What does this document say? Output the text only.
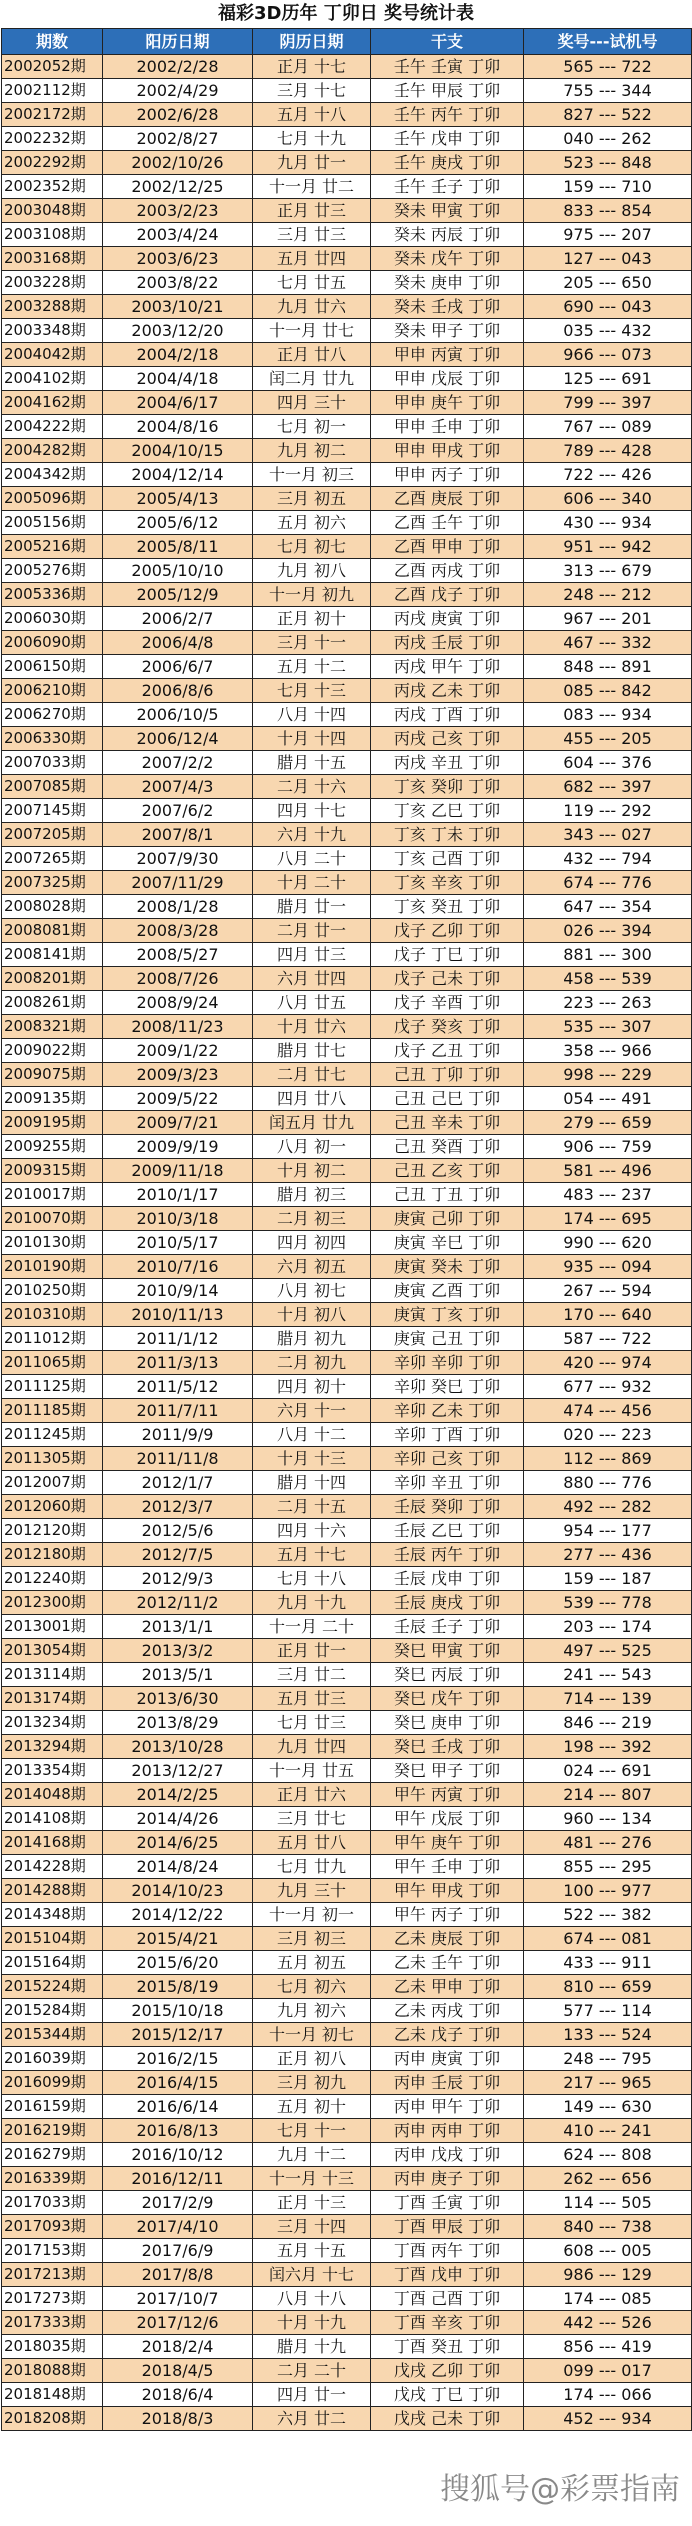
福彩3D历年 丁卯日 奖号统计表
期数	阳历日期	阴历日期	干支	奖号---试机号
2002052期	2002/2/28	正月 十七	壬午 壬寅 丁卯	565 --- 722
2002112期	2002/4/29	三月 十七	壬午 甲辰 丁卯	755 --- 344
2002172期	2002/6/28	五月 十八	壬午 丙午 丁卯	827 --- 522
2002232期	2002/8/27	七月 十九	壬午 戊申 丁卯	040 --- 262
2002292期	2002/10/26	九月 廿一	壬午 庚戌 丁卯	523 --- 848
2002352期	2002/12/25	十一月 廿二	壬午 壬子 丁卯	159 --- 710
2003048期	2003/2/23	正月 廿三	癸未 甲寅 丁卯	833 --- 854
2003108期	2003/4/24	三月 廿三	癸未 丙辰 丁卯	975 --- 207
2003168期	2003/6/23	五月 廿四	癸未 戊午 丁卯	127 --- 043
2003228期	2003/8/22	七月 廿五	癸未 庚申 丁卯	205 --- 650
2003288期	2003/10/21	九月 廿六	癸未 壬戌 丁卯	690 --- 043
2003348期	2003/12/20	十一月 廿七	癸未 甲子 丁卯	035 --- 432
2004042期	2004/2/18	正月 廿八	甲申 丙寅 丁卯	966 --- 073
2004102期	2004/4/18	闰二月 廿九	甲申 戊辰 丁卯	125 --- 691
2004162期	2004/6/17	四月 三十	甲申 庚午 丁卯	799 --- 397
2004222期	2004/8/16	七月 初一	甲申 壬申 丁卯	767 --- 089
2004282期	2004/10/15	九月 初二	甲申 甲戌 丁卯	789 --- 428
2004342期	2004/12/14	十一月 初三	甲申 丙子 丁卯	722 --- 426
2005096期	2005/4/13	三月 初五	乙酉 庚辰 丁卯	606 --- 340
2005156期	2005/6/12	五月 初六	乙酉 壬午 丁卯	430 --- 934
2005216期	2005/8/11	七月 初七	乙酉 甲申 丁卯	951 --- 942
2005276期	2005/10/10	九月 初八	乙酉 丙戌 丁卯	313 --- 679
2005336期	2005/12/9	十一月 初九	乙酉 戊子 丁卯	248 --- 212
2006030期	2006/2/7	正月 初十	丙戌 庚寅 丁卯	967 --- 201
2006090期	2006/4/8	三月 十一	丙戌 壬辰 丁卯	467 --- 332
2006150期	2006/6/7	五月 十二	丙戌 甲午 丁卯	848 --- 891
2006210期	2006/8/6	七月 十三	丙戌 乙未 丁卯	085 --- 842
2006270期	2006/10/5	八月 十四	丙戌 丁酉 丁卯	083 --- 934
2006330期	2006/12/4	十月 十四	丙戌 己亥 丁卯	455 --- 205
2007033期	2007/2/2	腊月 十五	丙戌 辛丑 丁卯	604 --- 376
2007085期	2007/4/3	二月 十六	丁亥 癸卯 丁卯	682 --- 397
2007145期	2007/6/2	四月 十七	丁亥 乙巳 丁卯	119 --- 292
2007205期	2007/8/1	六月 十九	丁亥 丁未 丁卯	343 --- 027
2007265期	2007/9/30	八月 二十	丁亥 己酉 丁卯	432 --- 794
2007325期	2007/11/29	十月 二十	丁亥 辛亥 丁卯	674 --- 776
2008028期	2008/1/28	腊月 廿一	丁亥 癸丑 丁卯	647 --- 354
2008081期	2008/3/28	二月 廿一	戊子 乙卯 丁卯	026 --- 394
2008141期	2008/5/27	四月 廿三	戊子 丁巳 丁卯	881 --- 300
2008201期	2008/7/26	六月 廿四	戊子 己未 丁卯	458 --- 539
2008261期	2008/9/24	八月 廿五	戊子 辛酉 丁卯	223 --- 263
2008321期	2008/11/23	十月 廿六	戊子 癸亥 丁卯	535 --- 307
2009022期	2009/1/22	腊月 廿七	戊子 乙丑 丁卯	358 --- 966
2009075期	2009/3/23	二月 廿七	己丑 丁卯 丁卯	998 --- 229
2009135期	2009/5/22	四月 廿八	己丑 己巳 丁卯	054 --- 491
2009195期	2009/7/21	闰五月 廿九	己丑 辛未 丁卯	279 --- 659
2009255期	2009/9/19	八月 初一	己丑 癸酉 丁卯	906 --- 759
2009315期	2009/11/18	十月 初二	己丑 乙亥 丁卯	581 --- 496
2010017期	2010/1/17	腊月 初三	己丑 丁丑 丁卯	483 --- 237
2010070期	2010/3/18	二月 初三	庚寅 己卯 丁卯	174 --- 695
2010130期	2010/5/17	四月 初四	庚寅 辛巳 丁卯	990 --- 620
2010190期	2010/7/16	六月 初五	庚寅 癸未 丁卯	935 --- 094
2010250期	2010/9/14	八月 初七	庚寅 乙酉 丁卯	267 --- 594
2010310期	2010/11/13	十月 初八	庚寅 丁亥 丁卯	170 --- 640
2011012期	2011/1/12	腊月 初九	庚寅 己丑 丁卯	587 --- 722
2011065期	2011/3/13	二月 初九	辛卯 辛卯 丁卯	420 --- 974
2011125期	2011/5/12	四月 初十	辛卯 癸巳 丁卯	677 --- 932
2011185期	2011/7/11	六月 十一	辛卯 乙未 丁卯	474 --- 456
2011245期	2011/9/9	八月 十二	辛卯 丁酉 丁卯	020 --- 223
2011305期	2011/11/8	十月 十三	辛卯 己亥 丁卯	112 --- 869
2012007期	2012/1/7	腊月 十四	辛卯 辛丑 丁卯	880 --- 776
2012060期	2012/3/7	二月 十五	壬辰 癸卯 丁卯	492 --- 282
2012120期	2012/5/6	四月 十六	壬辰 乙巳 丁卯	954 --- 177
2012180期	2012/7/5	五月 十七	壬辰 丙午 丁卯	277 --- 436
2012240期	2012/9/3	七月 十八	壬辰 戊申 丁卯	159 --- 187
2012300期	2012/11/2	九月 十九	壬辰 庚戌 丁卯	539 --- 778
2013001期	2013/1/1	十一月 二十	壬辰 壬子 丁卯	203 --- 174
2013054期	2013/3/2	正月 廿一	癸巳 甲寅 丁卯	497 --- 525
2013114期	2013/5/1	三月 廿二	癸巳 丙辰 丁卯	241 --- 543
2013174期	2013/6/30	五月 廿三	癸巳 戊午 丁卯	714 --- 139
2013234期	2013/8/29	七月 廿三	癸巳 庚申 丁卯	846 --- 219
2013294期	2013/10/28	九月 廿四	癸巳 壬戌 丁卯	198 --- 392
2013354期	2013/12/27	十一月 廿五	癸巳 甲子 丁卯	024 --- 691
2014048期	2014/2/25	正月 廿六	甲午 丙寅 丁卯	214 --- 807
2014108期	2014/4/26	三月 廿七	甲午 戊辰 丁卯	960 --- 134
2014168期	2014/6/25	五月 廿八	甲午 庚午 丁卯	481 --- 276
2014228期	2014/8/24	七月 廿九	甲午 壬申 丁卯	855 --- 295
2014288期	2014/10/23	九月 三十	甲午 甲戌 丁卯	100 --- 977
2014348期	2014/12/22	十一月 初一	甲午 丙子 丁卯	522 --- 382
2015104期	2015/4/21	三月 初三	乙未 庚辰 丁卯	674 --- 081
2015164期	2015/6/20	五月 初五	乙未 壬午 丁卯	433 --- 911
2015224期	2015/8/19	七月 初六	乙未 甲申 丁卯	810 --- 659
2015284期	2015/10/18	九月 初六	乙未 丙戌 丁卯	577 --- 114
2015344期	2015/12/17	十一月 初七	乙未 戊子 丁卯	133 --- 524
2016039期	2016/2/15	正月 初八	丙申 庚寅 丁卯	248 --- 795
2016099期	2016/4/15	三月 初九	丙申 壬辰 丁卯	217 --- 965
2016159期	2016/6/14	五月 初十	丙申 甲午 丁卯	149 --- 630
2016219期	2016/8/13	七月 十一	丙申 丙申 丁卯	410 --- 241
2016279期	2016/10/12	九月 十二	丙申 戊戌 丁卯	624 --- 808
2016339期	2016/12/11	十一月 十三	丙申 庚子 丁卯	262 --- 656
2017033期	2017/2/9	正月 十三	丁酉 壬寅 丁卯	114 --- 505
2017093期	2017/4/10	三月 十四	丁酉 甲辰 丁卯	840 --- 738
2017153期	2017/6/9	五月 十五	丁酉 丙午 丁卯	608 --- 005
2017213期	2017/8/8	闰六月 十七	丁酉 戊申 丁卯	986 --- 129
2017273期	2017/10/7	八月 十八	丁酉 己酉 丁卯	174 --- 085
2017333期	2017/12/6	十月 十九	丁酉 辛亥 丁卯	442 --- 526
2018035期	2018/2/4	腊月 十九	丁酉 癸丑 丁卯	856 --- 419
2018088期	2018/4/5	二月 二十	戊戌 乙卯 丁卯	099 --- 017
2018148期	2018/6/4	四月 廿一	戊戌 丁巳 丁卯	174 --- 066
2018208期	2018/8/3	六月 廿二	戊戌 己未 丁卯	452 --- 934
搜狐号@彩票指南
